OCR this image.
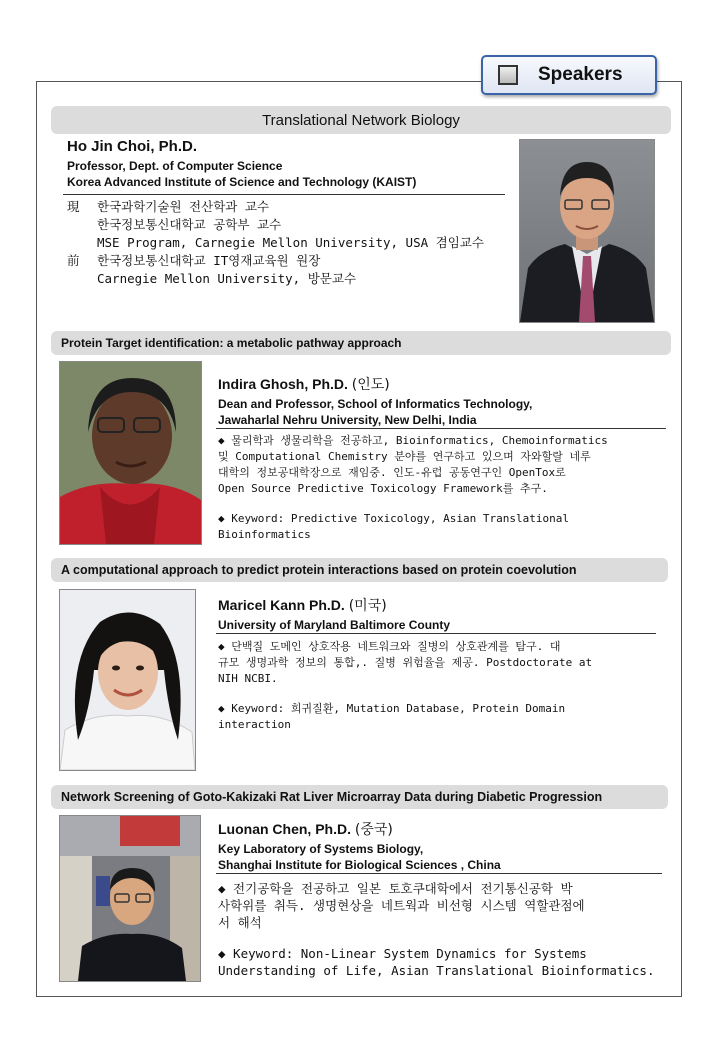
Speakers
Translational Network Biology
Ho Jin Choi, Ph.D.
Professor, Dept. of Computer Science
Korea Advanced Institute of Science and Technology (KAIST)
現	한국과학기술원 전산학과 교수
한국정보통신대학교 공학부 교수
MSE Program, Carnegie Mellon University, USA 겸임교수
前	한국정보통신대학교 IT영재교육원 원장
Carnegie Mellon University, 방문교수
Protein Target identification: a metabolic pathway approach
Indira Ghosh, Ph.D. (인도)
Dean and Professor, School of Informatics Technology,
Jawaharlal Nehru University, New Delhi, India

◆ 물리학과 생물리학을 전공하고, Bioinformatics, Chemoinformatics

및 Computational Chemistry 분야를 연구하고 있으며 자와할랄 네루

대학의 정보공대학장으로 재임중. 인도-유럽 공동연구인 OpenTox로

Open Source Predictive Toxicology Framework를 추구.

◆ Keyword: Predictive Toxicology, Asian Translational

Bioinformatics

A computational approach to predict protein interactions based on protein coevolution
Maricel Kann Ph.D. (미국)
University of Maryland Baltimore County

◆ 단백질 도메인 상호작용 네트워크와 질병의 상호관계를 탐구. 대

규모 생명과학 정보의 통합,. 질병 위험율을 제공. Postdoctorate at

NIH NCBI.

◆ Keyword: 희귀질환, Mutation Database, Protein Domain

interaction

Network Screening of Goto-Kakizaki Rat Liver Microarray Data during Diabetic Progression
Luonan Chen, Ph.D. (중국)
Key Laboratory of Systems Biology,
Shanghai Institute for Biological Sciences , China

◆ 전기공학을 전공하고 일본 토호쿠대학에서 전기통신공학 박

사학위를 취득. 생명현상을 네트웍과 비선형 시스템 역할관점에

서 해석

◆ Keyword: Non-Linear System Dynamics for Systems

Understanding of Life, Asian Translational Bioinformatics.
